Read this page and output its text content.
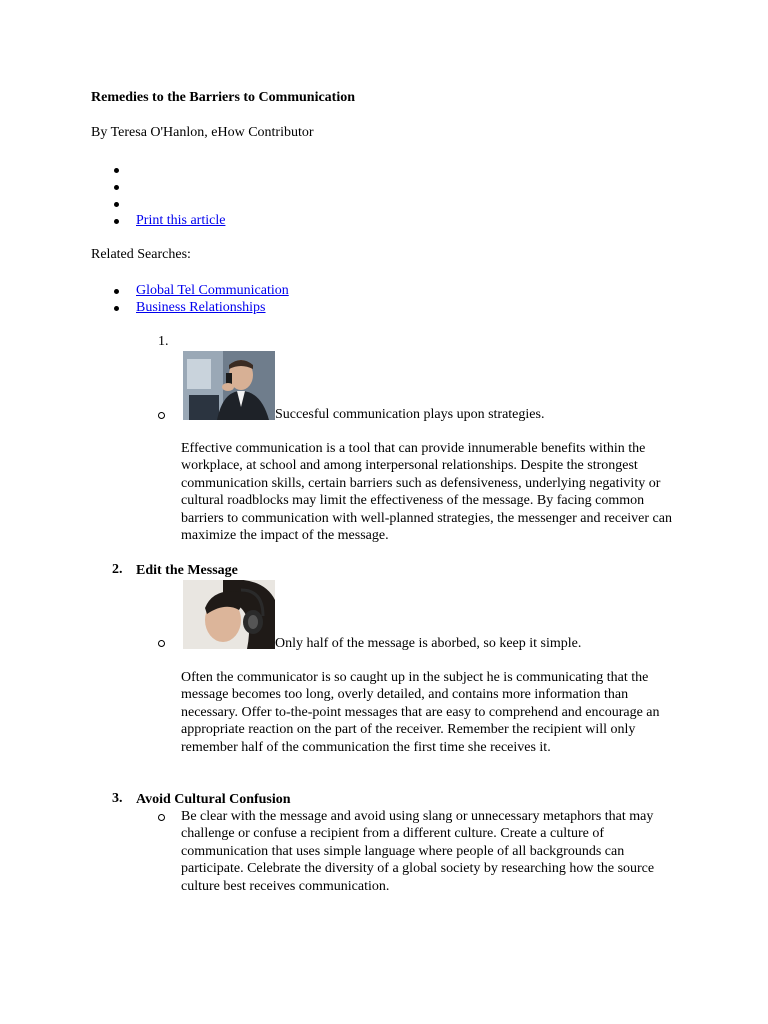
Remedies to the Barriers to Communication
By Teresa O'Hanlon, eHow Contributor
Print this article
Related Searches:
Global Tel Communication
Business Relationships
1.
Succesful communication plays upon strategies.
Effective communication is a tool that can provide innumerable benefits within the workplace, at school and among interpersonal relationships. Despite the strongest communication skills, certain barriers such as defensiveness, underlying negativity or cultural roadblocks may limit the effectiveness of the message. By facing common barriers to communication with well-planned strategies, the messenger and receiver can maximize the impact of the message.
2. Edit the Message
Only half of the message is aborbed, so keep it simple.
Often the communicator is so caught up in the subject he is communicating that the message becomes too long, overly detailed, and contains more information than necessary. Offer to-the-point messages that are easy to comprehend and encourage an appropriate reaction on the part of the receiver. Remember the recipient will only remember half of the communication the first time she receives it.
3. Avoid Cultural Confusion
Be clear with the message and avoid using slang or unnecessary metaphors that may challenge or confuse a recipient from a different culture. Create a culture of communication that uses simple language where people of all backgrounds can participate. Celebrate the diversity of a global society by researching how the source culture best receives communication.
